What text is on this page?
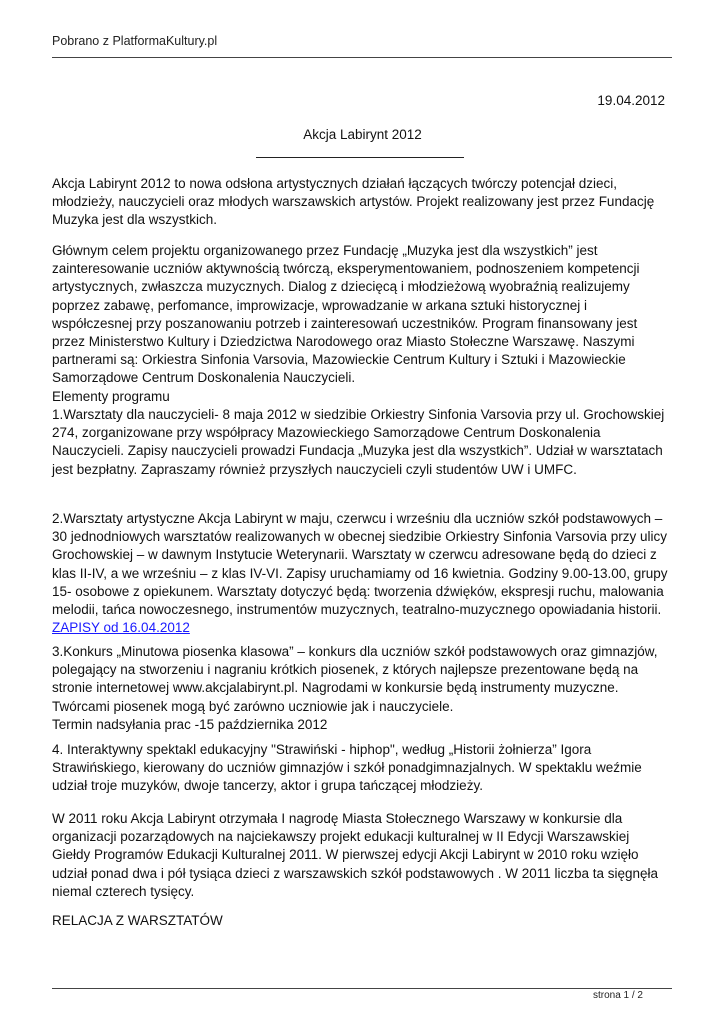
Pobrano z PlatformaKultury.pl
19.04.2012
Akcja Labirynt 2012

Akcja Labirynt 2012 to nowa odsłona artystycznych działań łączących twórczy potencjał dzieci, młodzieży, nauczycieli oraz młodych warszawskich artystów. Projekt realizowany jest przez Fundację Muzyka jest dla wszystkich.

Głównym celem projektu organizowanego przez Fundację „Muzyka jest dla wszystkich” jest zainteresowanie uczniów aktywnością twórczą, eksperymentowaniem, podnoszeniem kompetencji artystycznych, zwłaszcza muzycznych. Dialog z dziecięcą i młodzieżową wyobraźnią realizujemy poprzez zabawę, perfomance, improwizacje, wprowadzanie w arkana sztuki historycznej i współczesnej przy poszanowaniu potrzeb i zainteresowań uczestników. Program finansowany jest przez Ministerstwo Kultury i Dziedzictwa Narodowego oraz Miasto Stołeczne Warszawę. Naszymi partnerami są: Orkiestra Sinfonia Varsovia, Mazowieckie Centrum Kultury i Sztuki i Mazowieckie Samorządowe Centrum Doskonalenia Nauczycieli.

Elementy programu

1.Warsztaty dla nauczycieli- 8 maja 2012 w siedzibie Orkiestry Sinfonia Varsovia przy ul. Grochowskiej 274, zorganizowane przy współpracy Mazowieckiego Samorządowe Centrum Doskonalenia Nauczycieli. Zapisy nauczycieli prowadzi Fundacja „Muzyka jest dla wszystkich”. Udział w warsztatach jest bezpłatny. Zapraszamy również przyszłych nauczycieli czyli studentów UW i UMFC.

2.Warsztaty artystyczne Akcja Labirynt w maju, czerwcu i wrześniu dla uczniów szkół podstawowych – 30 jednodniowych warsztatów realizowanych w obecnej siedzibie Orkiestry Sinfonia Varsovia przy ulicy Grochowskiej – w dawnym Instytucie Weterynarii. Warsztaty w czerwcu adresowane będą do dzieci z klas II-IV, a we wrześniu – z klas IV-VI. Zapisy uruchamiamy od 16 kwietnia. Godziny 9.00-13.00, grupy 15- osobowe z opiekunem. Warsztaty dotyczyć będą: tworzenia dźwięków, ekspresji ruchu, malowania melodii, tańca nowoczesnego, instrumentów muzycznych, teatralno-muzycznego opowiadania historii.
ZAPISY od 16.04.2012

3.Konkurs „Minutowa piosenka klasowa” – konkurs dla uczniów szkół podstawowych oraz gimnazjów, polegający na stworzeniu i nagraniu krótkich piosenek, z których najlepsze prezentowane będą na stronie internetowej www.akcjalabirynt.pl. Nagrodami w konkursie będą instrumenty muzyczne. Twórcami piosenek mogą być zarówno uczniowie jak i nauczyciele.
Termin nadsyłania prac -15 października 2012

4. Interaktywny spektakl edukacyjny "Strawiński - hiphop", według „Historii żołnierza” Igora Strawińskiego, kierowany do uczniów gimnazjów i szkół ponadgimnazjalnych. W spektaklu weźmie udział troje muzyków, dwoje tancerzy, aktor i grupa tańczącej młodzieży.

W 2011 roku Akcja Labirynt otrzymała I nagrodę Miasta Stołecznego Warszawy w konkursie dla organizacji pozarządowych na najciekawszy projekt edukacji kulturalnej w II Edycji Warszawskiej Giełdy Programów Edukacji Kulturalnej 2011. W pierwszej edycji Akcji Labirynt w 2010 roku wzięło udział ponad dwa i pół tysiąca dzieci z warszawskich szkół podstawowych . W 2011 liczba ta sięgnęła niemal czterech tysięcy.

RELACJA Z WARSZTATÓW

strona 1 / 2
